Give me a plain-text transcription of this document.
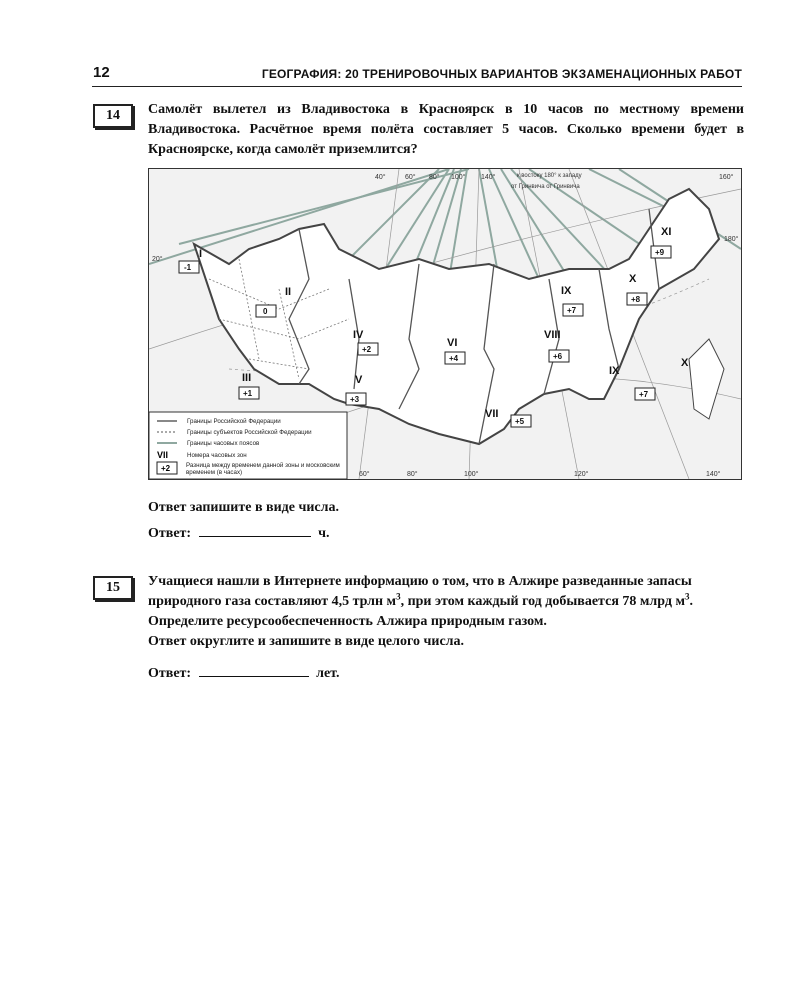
12	ГЕОГРАФИЯ: 20 ТРЕНИРОВОЧНЫХ ВАРИАНТОВ ЭКЗАМЕНАЦИОННЫХ РАБОТ
14	Самолёт вылетел из Владивостока в Красноярск в 10 часов по местному времени Владивостока. Расчётное время полёта составляет 5 часов. Сколько времени будет в Красноярске, когда самолёт приземлится?
20°
40°	60° 80° 100° 140°	160°
180°
к востоку 180° к западу
от Гринвича от Гринвича
60°	80°	100°	120°	140°
I
II
III
IV
V
VI
VII
VIII
IX
IX
X
XI
X
-1
0
+1
+2
+3
+4
+5
+6
+7
+7
+8
+9
VII
+2
Границы Российской Федерации
Границы субъектов Российской Федерации
Границы часовых поясов
Номера часовых зон
Разница между временем данной зоны и московским временем (в часах)
Ответ запишите в виде числа.
Ответ:	ч.
15	Учащиеся нашли в Интернете информацию о том, что в Алжире разведанные запасы
природного газа составляют 4,5 трлн $м^3$, при этом каждый год добывается 78 млрд $м^3$.
Определите ресурсообеспеченность Алжира природным газом.
Ответ округлите и запишите в виде целого числа.
Ответ:	лет.
